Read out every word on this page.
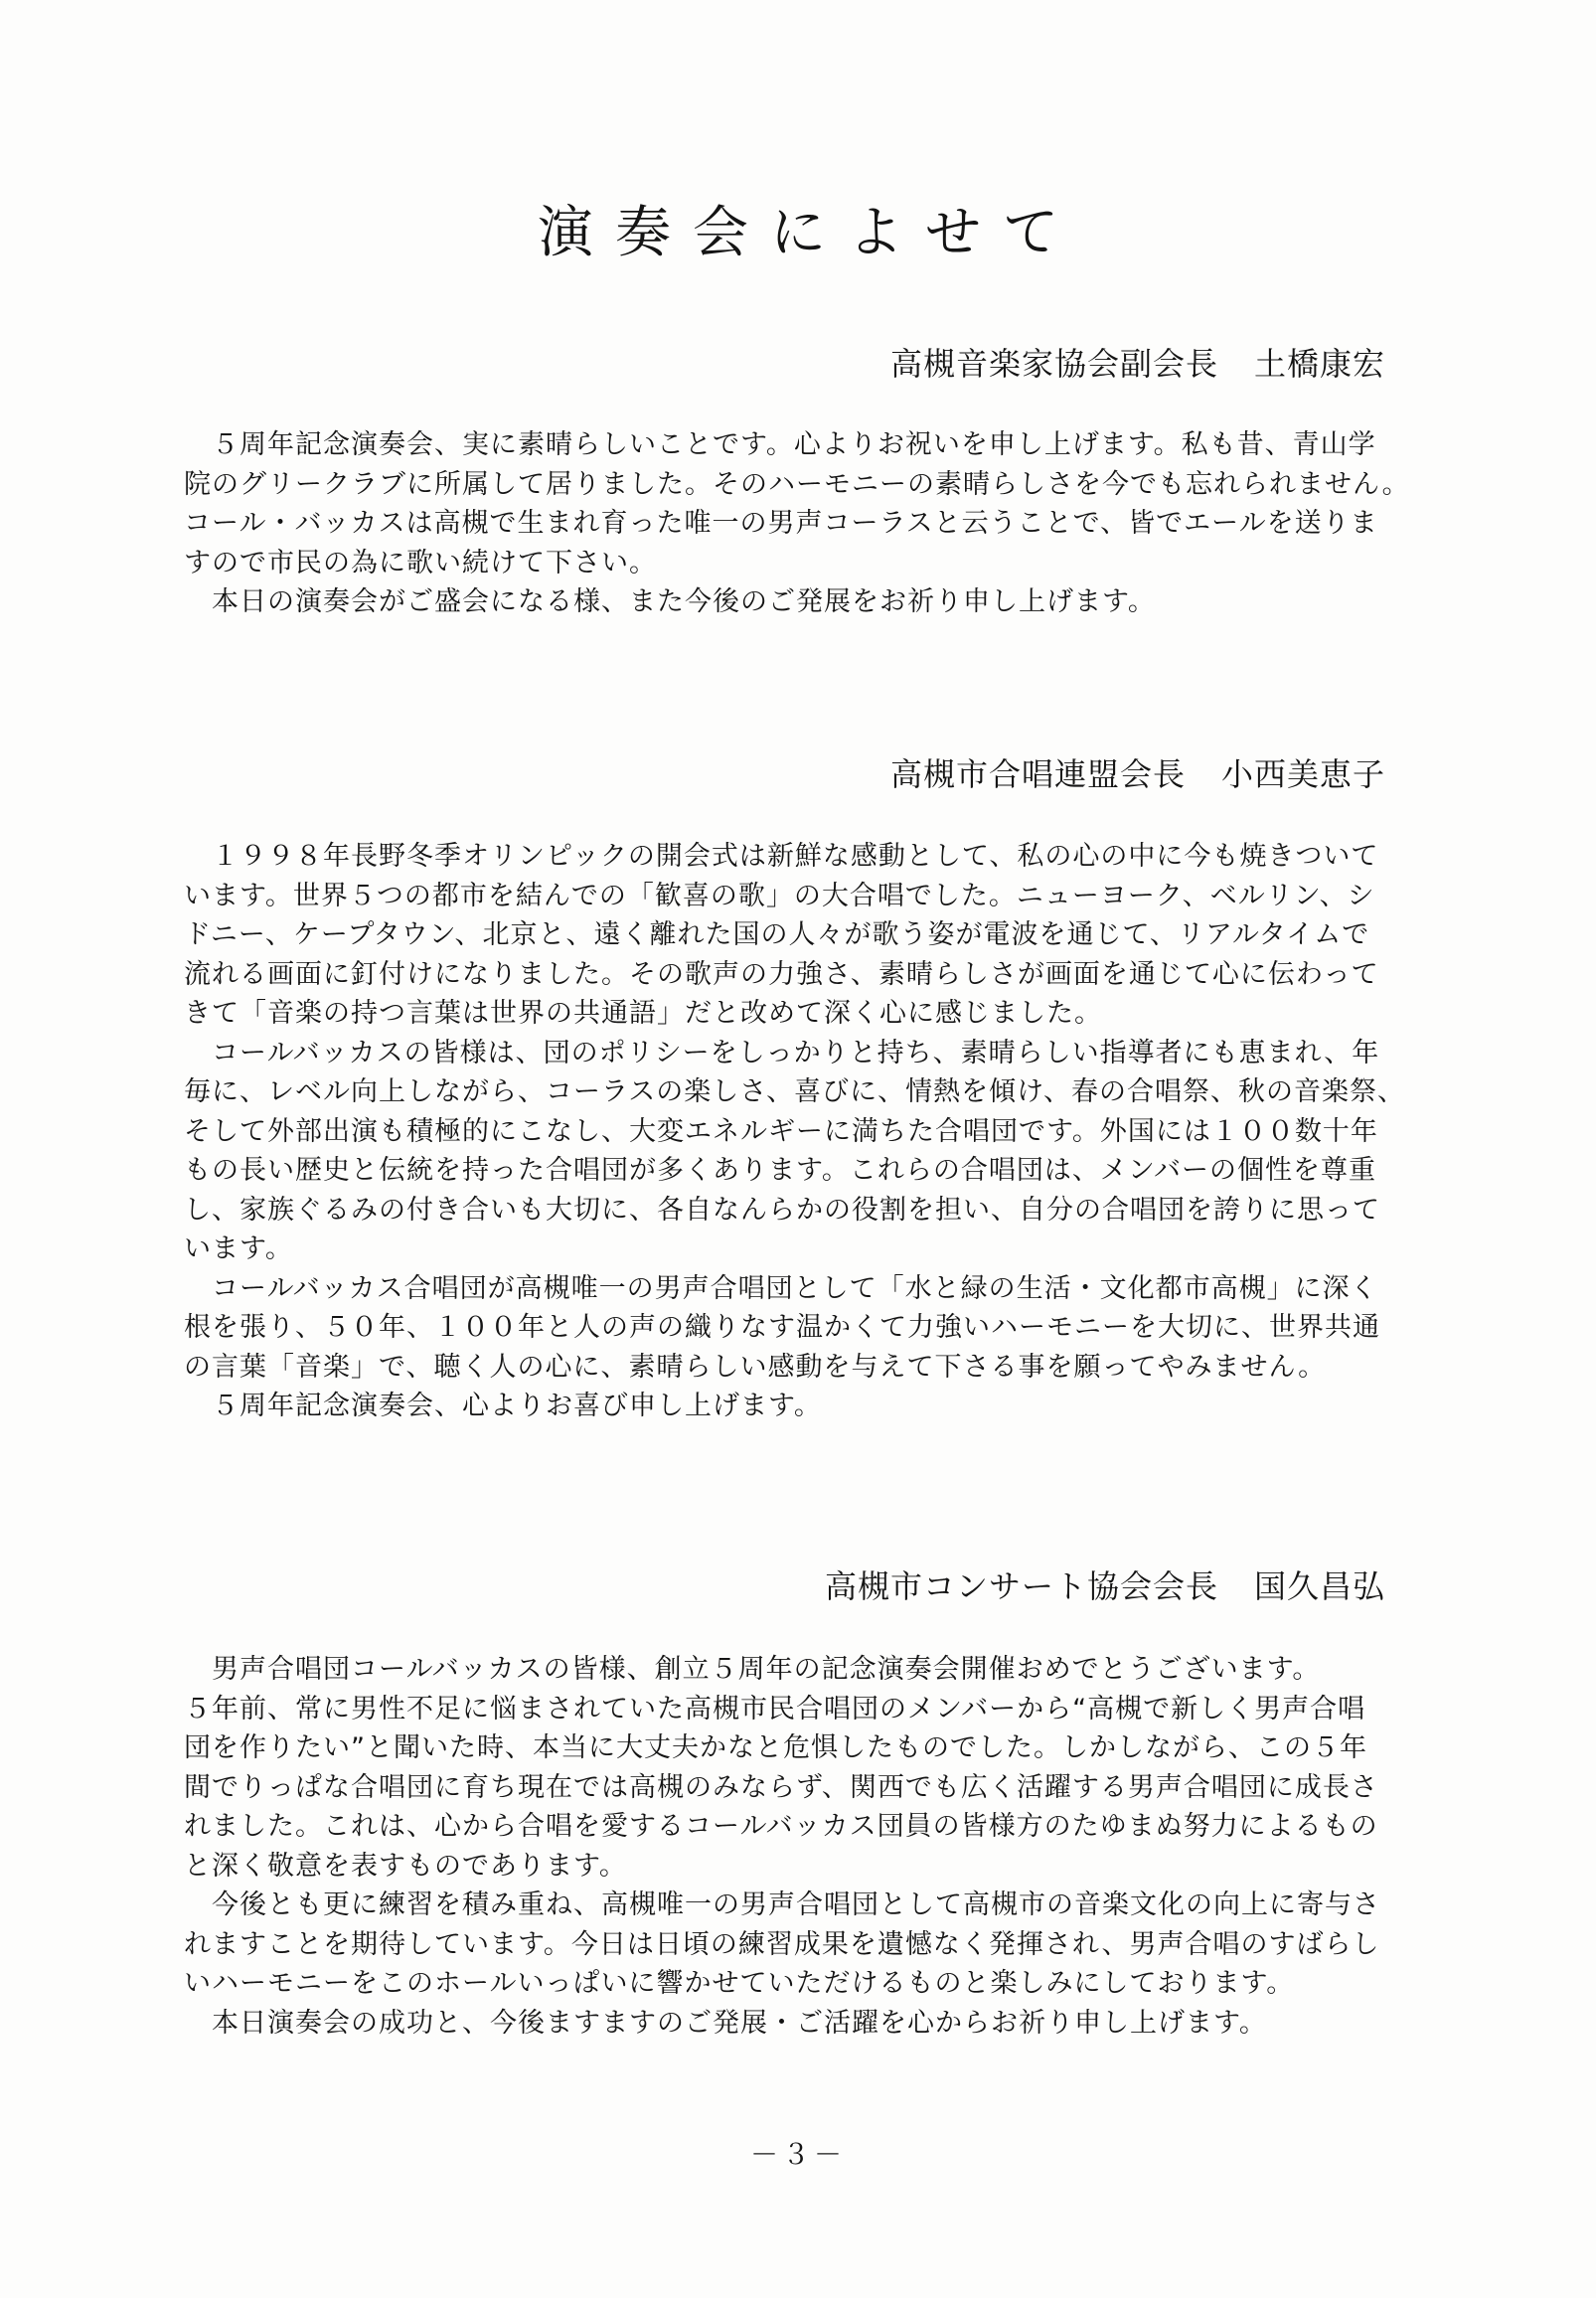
演奏会によせて
高槻音楽家協会副会長 土橋康宏
　５周年記念演奏会、実に素晴らしいことです。心よりお祝いを申し上げます。私も昔、青山学
院のグリークラブに所属して居りました。そのハーモニーの素晴らしさを今でも忘れられません。
コール・バッカスは高槻で生まれ育った唯一の男声コーラスと云うことで、皆でエールを送りま
すので市民の為に歌い続けて下さい。
　本日の演奏会がご盛会になる様、また今後のご発展をお祈り申し上げます。
高槻市合唱連盟会長 小西美恵子
　１９９８年長野冬季オリンピックの開会式は新鮮な感動として、私の心の中に今も焼きついて
います。世界５つの都市を結んでの「歓喜の歌」の大合唱でした。ニューヨーク、ベルリン、シ
ドニー、ケープタウン、北京と、遠く離れた国の人々が歌う姿が電波を通じて、リアルタイムで
流れる画面に釘付けになりました。その歌声の力強さ、素晴らしさが画面を通じて心に伝わって
きて「音楽の持つ言葉は世界の共通語」だと改めて深く心に感じました。
　コールバッカスの皆様は、団のポリシーをしっかりと持ち、素晴らしい指導者にも恵まれ、年
毎に、レベル向上しながら、コーラスの楽しさ、喜びに、情熱を傾け、春の合唱祭、秋の音楽祭、
そして外部出演も積極的にこなし、大変エネルギーに満ちた合唱団です。外国には１００数十年
もの長い歴史と伝統を持った合唱団が多くあります。これらの合唱団は、メンバーの個性を尊重
し、家族ぐるみの付き合いも大切に、各自なんらかの役割を担い、自分の合唱団を誇りに思って
います。
　コールバッカス合唱団が高槻唯一の男声合唱団として「水と緑の生活・文化都市高槻」に深く
根を張り、５０年、１００年と人の声の織りなす温かくて力強いハーモニーを大切に、世界共通
の言葉「音楽」で、聴く人の心に、素晴らしい感動を与えて下さる事を願ってやみません。
　５周年記念演奏会、心よりお喜び申し上げます。
高槻市コンサート協会会長 国久昌弘
　男声合唱団コールバッカスの皆様、創立５周年の記念演奏会開催おめでとうございます。
５年前、常に男性不足に悩まされていた高槻市民合唱団のメンバーから“高槻で新しく男声合唱
団を作りたい”と聞いた時、本当に大丈夫かなと危惧したものでした。しかしながら、この５年
間でりっぱな合唱団に育ち現在では高槻のみならず、関西でも広く活躍する男声合唱団に成長さ
れました。これは、心から合唱を愛するコールバッカス団員の皆様方のたゆまぬ努力によるもの
と深く敬意を表すものであります。
　今後とも更に練習を積み重ね、高槻唯一の男声合唱団として高槻市の音楽文化の向上に寄与さ
れますことを期待しています。今日は日頃の練習成果を遺憾なく発揮され、男声合唱のすばらし
いハーモニーをこのホールいっぱいに響かせていただけるものと楽しみにしております。
　本日演奏会の成功と、今後ますますのご発展・ご活躍を心からお祈り申し上げます。
－３－
